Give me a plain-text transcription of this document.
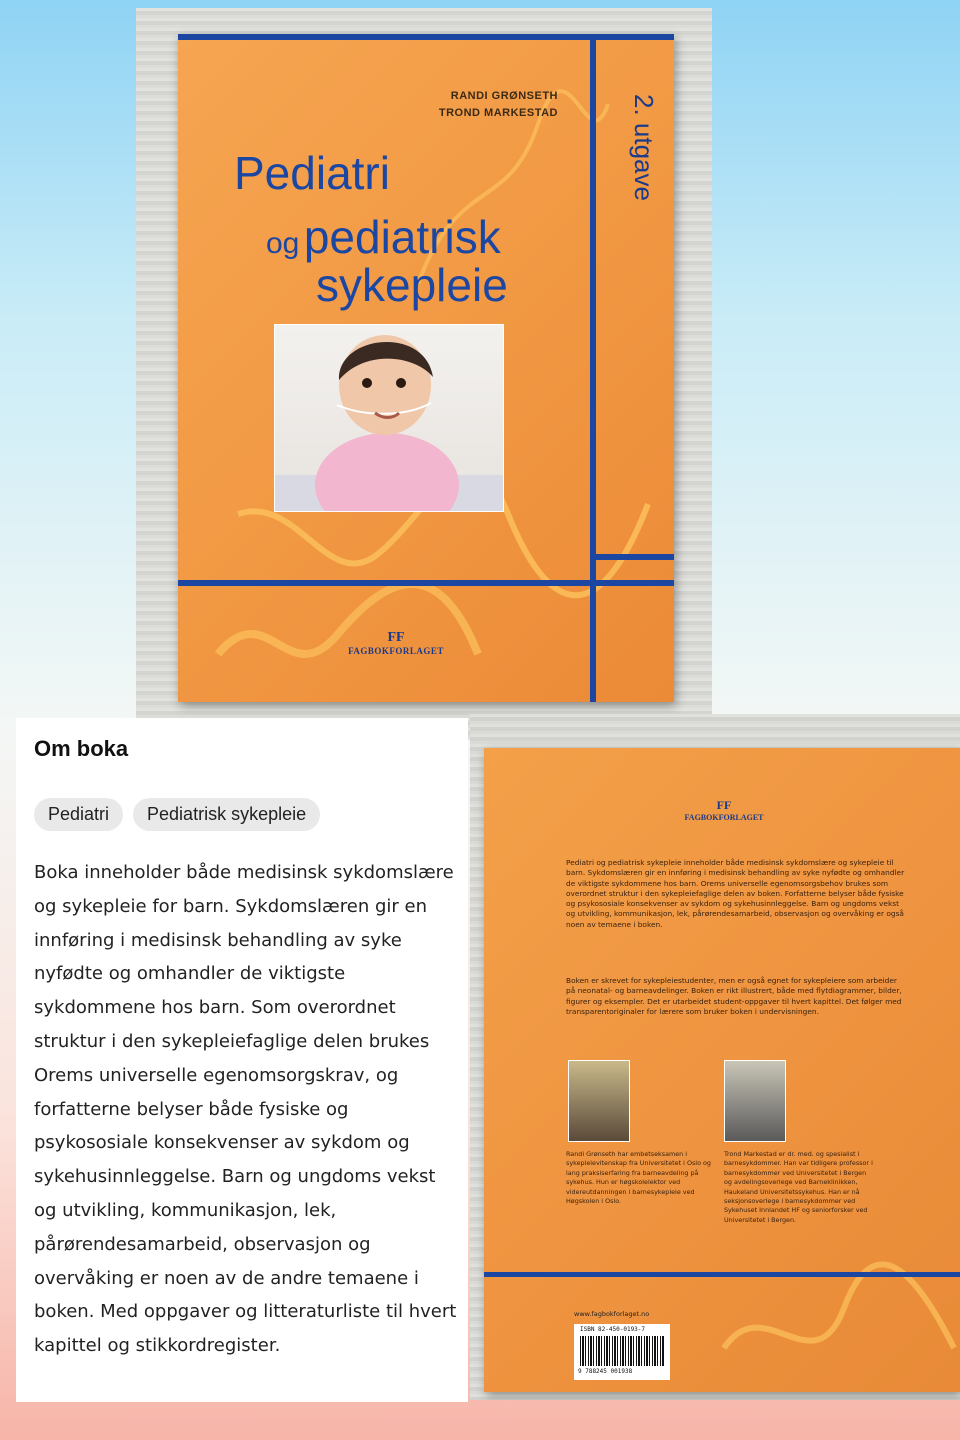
RANDI GRØNSETH
TROND MARKESTAD
Pediatri
og pediatrisk
sykepleie
2. utgave
FF
FAGBOKFORLAGET
Om boka
Pediatri	Pediatrisk sykepleie

Boka inneholder både medisinsk sykdomslære og sykepleie for barn. Sykdomslæren gir en innføring i medisinsk behandling av syke nyfødte og omhandler de viktigste sykdommene hos barn. Som overordnet struktur i den sykepleiefaglige delen brukes Orems universelle egenomsorgskrav, og forfatterne belyser både fysiske og psykososiale konsekvenser av sykdom og sykehusinnleggelse. Barn og ungdoms vekst og utvikling, kommunikasjon, lek, pårørendesamarbeid, observasjon og overvåking er noen av de andre temaene i boken. Med oppgaver og litteraturliste til hvert kapittel og stikkordregister.

FF
FAGBOKFORLAGET

Pediatri og pediatrisk sykepleie inneholder både medisinsk sykdomslære og sykepleie til barn. Sykdomslæren gir en innføring i medisinsk behandling av syke nyfødte og omhandler de viktigste sykdommene hos barn. Orems universelle egenomsorgsbehov brukes som overordnet struktur i den sykepleiefaglige delen av boken. Forfatterne belyser både fysiske og psykososiale konsekvenser av sykdom og sykehusinnleggelse. Barn og ungdoms vekst og utvikling, kommunikasjon, lek, pårørendesamarbeid, observasjon og overvåking er også noen av temaene i boken.

Boken er skrevet for sykepleiestudenter, men er også egnet for sykepleiere som arbeider på neonatal- og barneavdelinger. Boken er rikt illustrert, både med flytdiagrammer, bilder, figurer og eksempler. Det er utarbeidet student-oppgaver til hvert kapittel. Det følger med transparentoriginaler for lærere som bruker boken i undervisningen.

Randi Grønseth har embetseksamen i sykepleievitenskap fra Universitetet i Oslo og lang praksiserfaring fra barneavdeling på sykehus. Hun er høgskolelektor ved videreutdanningen i barnesykepleie ved Høgskolen i Oslo.

Trond Markestad er dr. med. og spesialist i barnesykdommer. Han var tidligere professor i barnesykdommer ved Universitetet i Bergen og avdelingsoverlege ved Barneklinikken, Haukeland Universitetssykehus. Han er nå seksjonsoverlege i barnesykdommer ved Sykehuset Innlandet HF og seniorforsker ved Universitetet i Bergen.

www.fagbokforlaget.no
ISBN 82-450-0193-7
9 788245 001938
